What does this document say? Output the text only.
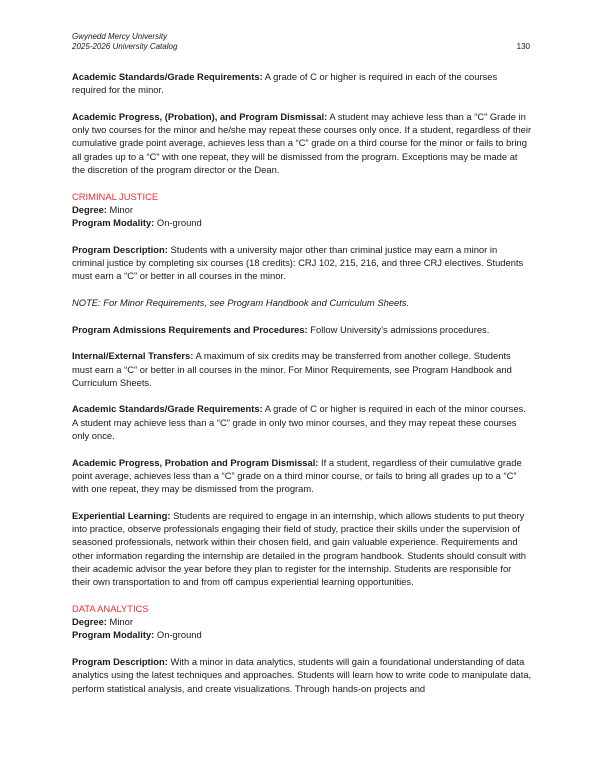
Gwynedd Mercy University
2025-2026 University Catalog	130

Academic Standards/Grade Requirements: A grade of C or higher is required in each of the courses required for the minor.

Academic Progress, (Probation), and Program Dismissal: A student may achieve less than a “C” Grade in only two courses for the minor and he/she may repeat these courses only once. If a student, regardless of their cumulative grade point average, achieves less than a “C” grade on a third course for the minor or fails to bring all grades up to a “C” with one repeat, they will be dismissed from the program. Exceptions may be made at the discretion of the program director or the Dean.

CRIMINAL JUSTICE
Degree: Minor

Program Modality: On-ground

Program Description: Students with a university major other than criminal justice may earn a minor in criminal justice by completing six courses (18 credits): CRJ 102, 215, 216, and three CRJ electives. Students must earn a “C” or better in all courses in the minor.

NOTE: For Minor Requirements, see Program Handbook and Curriculum Sheets.

Program Admissions Requirements and Procedures: Follow University’s admissions procedures.

Internal/External Transfers: A maximum of six credits may be transferred from another college. Students must earn a “C” or better in all courses in the minor. For Minor Requirements, see Program Handbook and Curriculum Sheets.

Academic Standards/Grade Requirements: A grade of C or higher is required in each of the minor courses. A student may achieve less than a “C” grade in only two minor courses, and they may repeat these courses only once.

Academic Progress, Probation and Program Dismissal: If a student, regardless of their cumulative grade point average, achieves less than a “C” grade on a third minor course, or fails to bring all grades up to a “C” with one repeat, they may be dismissed from the program.

Experiential Learning: Students are required to engage in an internship, which allows students to put theory into practice, observe professionals engaging their field of study, practice their skills under the supervision of seasoned professionals, network within their chosen field, and gain valuable experience. Requirements and other information regarding the internship are detailed in the program handbook. Students should consult with their academic advisor the year before they plan to register for the internship. Students are responsible for their own transportation to and from off campus experiential learning opportunities.

DATA ANALYTICS
Degree: Minor

Program Modality: On-ground

Program Description: With a minor in data analytics, students will gain a foundational understanding of data analytics using the latest techniques and approaches. Students will learn how to write code to manipulate data, perform statistical analysis, and create visualizations. Through hands-on projects and
